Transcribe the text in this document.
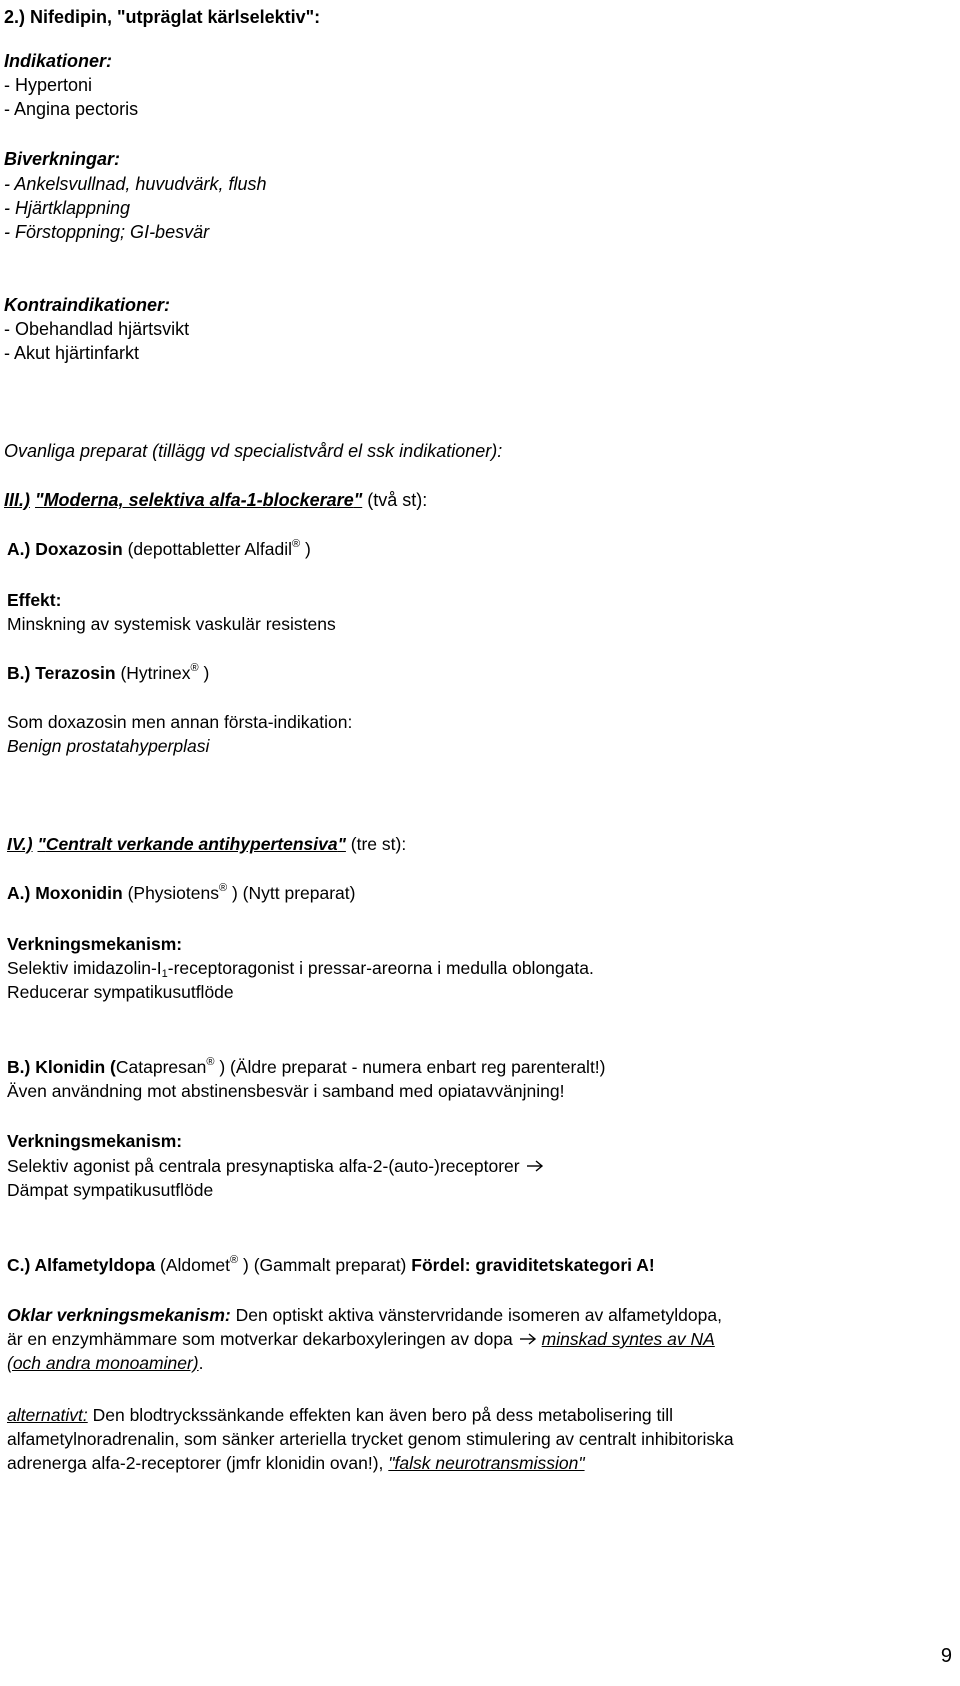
2.) Nifedipin, "utpräglat kärlselektiv":
Indikationer:
- Hypertoni
- Angina pectoris
Biverkningar:
- Ankelsvullnad, huvudvärk, flush
- Hjärtklappning
- Förstoppning; GI-besvär
Kontraindikationer:
- Obehandlad hjärtsvikt
- Akut hjärtinfarkt
Ovanliga preparat (tillägg vd specialistvård el ssk indikationer):
III.) "Moderna, selektiva alfa-1-blockerare" (två st):
A.) Doxazosin (depottabletter Alfadil® )
Effekt:
Minskning av systemisk vaskulär resistens
B.) Terazosin (Hytrinex® )
Som doxazosin men annan första-indikation:
Benign prostatahyperplasi
IV.) "Centralt verkande antihypertensiva" (tre st):
A.) Moxonidin (Physiotens® ) (Nytt preparat)
Verkningsmekanism:
Selektiv imidazolin-$I_1$-receptoragonist i pressar-areorna i medulla oblongata.
Reducerar sympatikusutflöde
B.) Klonidin (Catapresan® ) (Äldre preparat - numera enbart reg parenteralt!)
Även användning mot abstinensbesvär i samband med opiatavvänjning!
Verkningsmekanism:
Selektiv agonist på centrala presynaptiska alfa-2-(auto-)receptorer
Dämpat sympatikusutflöde
C.) Alfametyldopa (Aldomet® ) (Gammalt preparat) Fördel: graviditetskategori A!
Oklar verkningsmekanism: Den optiskt aktiva vänstervridande isomeren av alfametyldopa,
är en enzymhämmare som motverkar dekarboxyleringen av dopa minskad syntes av NA
(och andra monoaminer).
alternativt: Den blodtryckssänkande effekten kan även bero på dess metabolisering till
alfametylnoradrenalin, som sänker arteriella trycket genom stimulering av centralt inhibitoriska
adrenerga alfa-2-receptorer (jmfr klonidin ovan!), "falsk neurotransmission"
9
